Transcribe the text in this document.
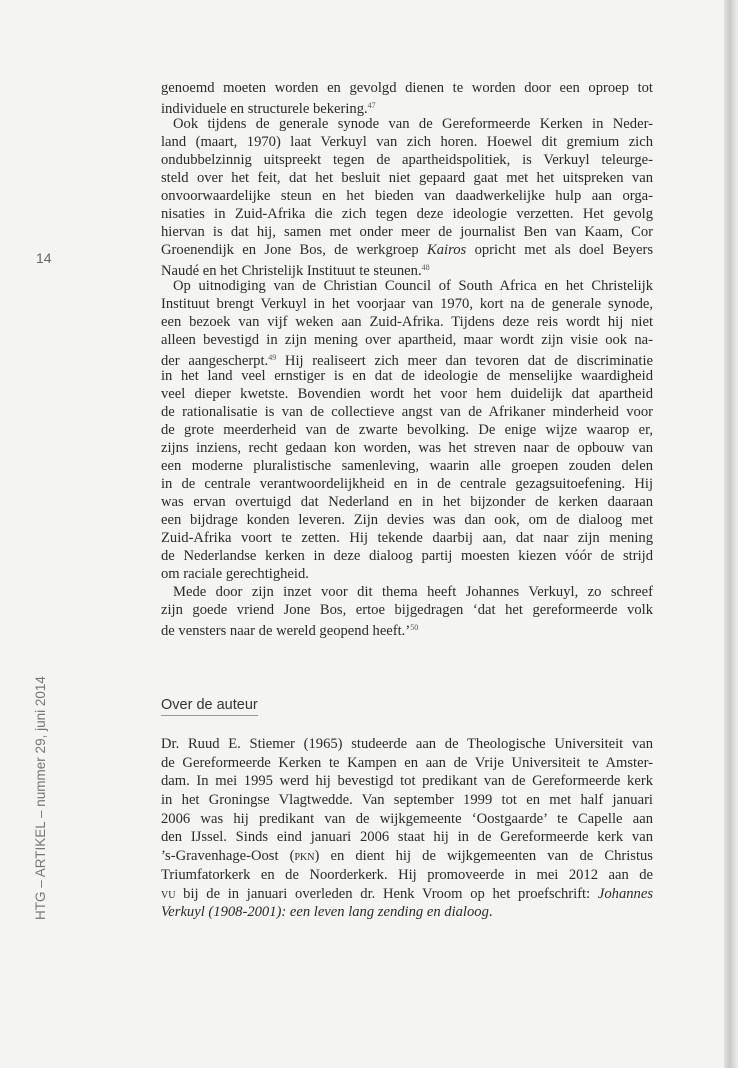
14
HTG – ARTIKEL – nummer 29, juni 2014
genoemd moeten worden en gevolgd dienen te worden door een oproep tot
individuele en structurele bekering.$^{47}$
Ook tijdens de generale synode van de Gereformeerde Kerken in Neder-
land (maart, 1970) laat Verkuyl van zich horen. Hoewel dit gremium zich
ondubbelzinnig uitspreekt tegen de apartheidspolitiek, is Verkuyl teleurge-
steld over het feit, dat het besluit niet gepaard gaat met het uitspreken van
onvoorwaardelijke steun en het bieden van daadwerkelijke hulp aan orga-
nisaties in Zuid-Afrika die zich tegen deze ideologie verzetten. Het gevolg
hiervan is dat hij, samen met onder meer de journalist Ben van Kaam, Cor
Groenendijk en Jone Bos, de werkgroep Kairos opricht met als doel Beyers
Naudé en het Christelijk Instituut te steunen.$^{48}$
Op uitnodiging van de Christian Council of South Africa en het Christelijk
Instituut brengt Verkuyl in het voorjaar van 1970, kort na de generale synode,
een bezoek van vijf weken aan Zuid-Afrika. Tijdens deze reis wordt hij niet
alleen bevestigd in zijn mening over apartheid, maar wordt zijn visie ook na-
der aangescherpt.$^{49}$ Hij realiseert zich meer dan tevoren dat de discriminatie
in het land veel ernstiger is en dat de ideologie de menselijke waardigheid
veel dieper kwetste. Bovendien wordt het voor hem duidelijk dat apartheid
de rationalisatie is van de collectieve angst van de Afrikaner minderheid voor
de grote meerderheid van de zwarte bevolking. De enige wijze waarop er,
zijns inziens, recht gedaan kon worden, was het streven naar de opbouw van
een moderne pluralistische samenleving, waarin alle groepen zouden delen
in de centrale verantwoordelijkheid en in de centrale gezagsuitoefening. Hij
was ervan overtuigd dat Nederland en in het bijzonder de kerken daaraan
een bijdrage konden leveren. Zijn devies was dan ook, om de dialoog met
Zuid-Afrika voort te zetten. Hij tekende daarbij aan, dat naar zijn mening
de Nederlandse kerken in deze dialoog partij moesten kiezen vóór de strijd
om raciale gerechtigheid.
Mede door zijn inzet voor dit thema heeft Johannes Verkuyl, zo schreef
zijn goede vriend Jone Bos, ertoe bijgedragen ‘dat het gereformeerde volk
de vensters naar de wereld geopend heeft.’$^{50}$
Over de auteur
Dr. Ruud E. Stiemer (1965) studeerde aan de Theologische Universiteit van
de Gereformeerde Kerken te Kampen en aan de Vrije Universiteit te Amster-
dam. In mei 1995 werd hij bevestigd tot predikant van de Gereformeerde kerk
in het Groningse Vlagtwedde. Van september 1999 tot en met half januari
2006 was hij predikant van de wijkgemeente ‘Oostgaarde’ te Capelle aan
den IJssel. Sinds eind januari 2006 staat hij in de Gereformeerde kerk van
’s-Gravenhage-Oost (pkn) en dient hij de wijkgemeenten van de Christus
Triumfatorkerk en de Noorderkerk. Hij promoveerde in mei 2012 aan de
vu bij de in januari overleden dr. Henk Vroom op het proefschrift: Johannes
Verkuyl (1908-2001): een leven lang zending en dialoog.
